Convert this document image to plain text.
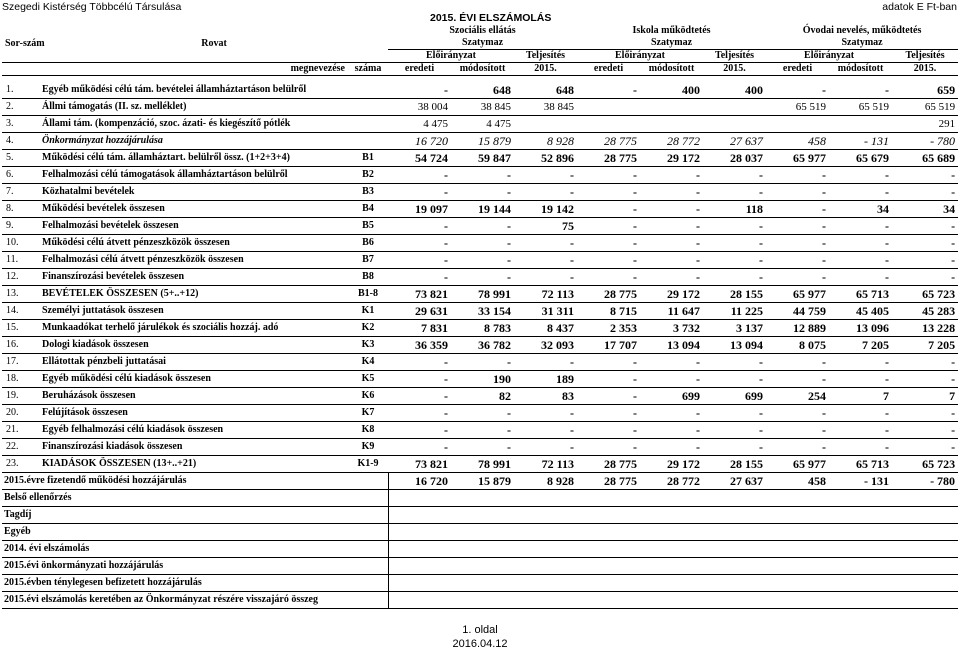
Szegedi Kistérség Többcélú Társulása
2015. ÉVI ELSZÁMOLÁS
adatok E Ft-ban
Sor-szám	Rovat		Szociális ellátás			Iskola működtetés			Óvodai nevelés, működtetés		
			Szatymaz			Szatymaz			Szatymaz		
			Előirányzat		Teljesítés	Előirányzat		Teljesítés	Előirányzat		Teljesítés
	megnevezése	száma	eredeti	módosított	2015.	eredeti	módosított	2015.	eredeti	módosított	2015.

1.	Egyéb működési célú tám. bevételei államháztartáson belülről		-	648	648	-	400	400	-	-	659
2.	Állmi támogatás (II. sz. melléklet)		38 004	38 845	38 845				65 519	65 519	65 519
3.	Állami tám. (kompenzáció, szoc. ázati- és kiegészítő pótlék		4 475	4 475							291
4.	Önkormányzat hozzájárulása		16 720	15 879	8 928	28 775	28 772	27 637	458	- 131	- 780
5.	Működési célú tám. államháztart. belülről össz. (1+2+3+4)	B1	54 724	59 847	52 896	28 775	29 172	28 037	65 977	65 679	65 689
6.	Felhalmozási célú támogatások államháztartáson belülről	B2	-	-	-	-	-	-	-	-	-
7.	Közhatalmi bevételek	B3	-	-	-	-	-	-	-	-	-
8.	Működési bevételek összesen	B4	19 097	19 144	19 142	-	-	118	-	34	34
9.	Felhalmozási bevételek összesen	B5	-	-	75	-	-	-	-	-	-
10.	Működési célú átvett pénzeszközök összesen	B6	-	-	-	-	-	-	-	-	-
11.	Felhalmozási célú átvett pénzeszközök összesen	B7	-	-	-	-	-	-	-	-	-
12.	Finanszírozási bevételek összesen	B8	-	-	-	-	-	-	-	-	-
13.	BEVÉTELEK ÖSSZESEN (5+..+12)	B1-8	73 821	78 991	72 113	28 775	29 172	28 155	65 977	65 713	65 723
14.	Személyi juttatások összesen	K1	29 631	33 154	31 311	8 715	11 647	11 225	44 759	45 405	45 283
15.	Munkaadókat terhelő járulékok és szociális hozzáj. adó	K2	7 831	8 783	8 437	2 353	3 732	3 137	12 889	13 096	13 228
16.	Dologi kiadások összesen	K3	36 359	36 782	32 093	17 707	13 094	13 094	8 075	7 205	7 205
17.	Ellátottak pénzbeli juttatásai	K4	-	-	-	-	-	-	-	-	-
18.	Egyéb működési célú kiadások összesen	K5	-	190	189	-	-	-	-	-	-
19.	Beruházások összesen	K6	-	82	83	-	699	699	254	7	7
20.	Felújítások összesen	K7	-	-	-	-	-	-	-	-	-
21.	Egyéb felhalmozási célú kiadások összesen	K8	-	-	-	-	-	-	-	-	-
22.	Finanszírozási kiadások összesen	K9	-	-	-	-	-	-	-	-	-
23.	KIADÁSOK ÖSSZESEN (13+..+21)	K1-9	73 821	78 991	72 113	28 775	29 172	28 155	65 977	65 713	65 723
2015.évre fizetendő működési hozzájárulás			16 720	15 879	8 928	28 775	28 772	27 637	458	- 131	- 780
Belső ellenőrzés											
Tagdíj											
Egyéb											
2014. évi elszámolás											
2015.évi önkormányzati hozzájárulás											
2015.évben ténylegesen befizetett hozzájárulás											
2015.évi elszámolás keretében az Önkormányzat részére visszajáró összeg											
1. oldal
2016.04.12
